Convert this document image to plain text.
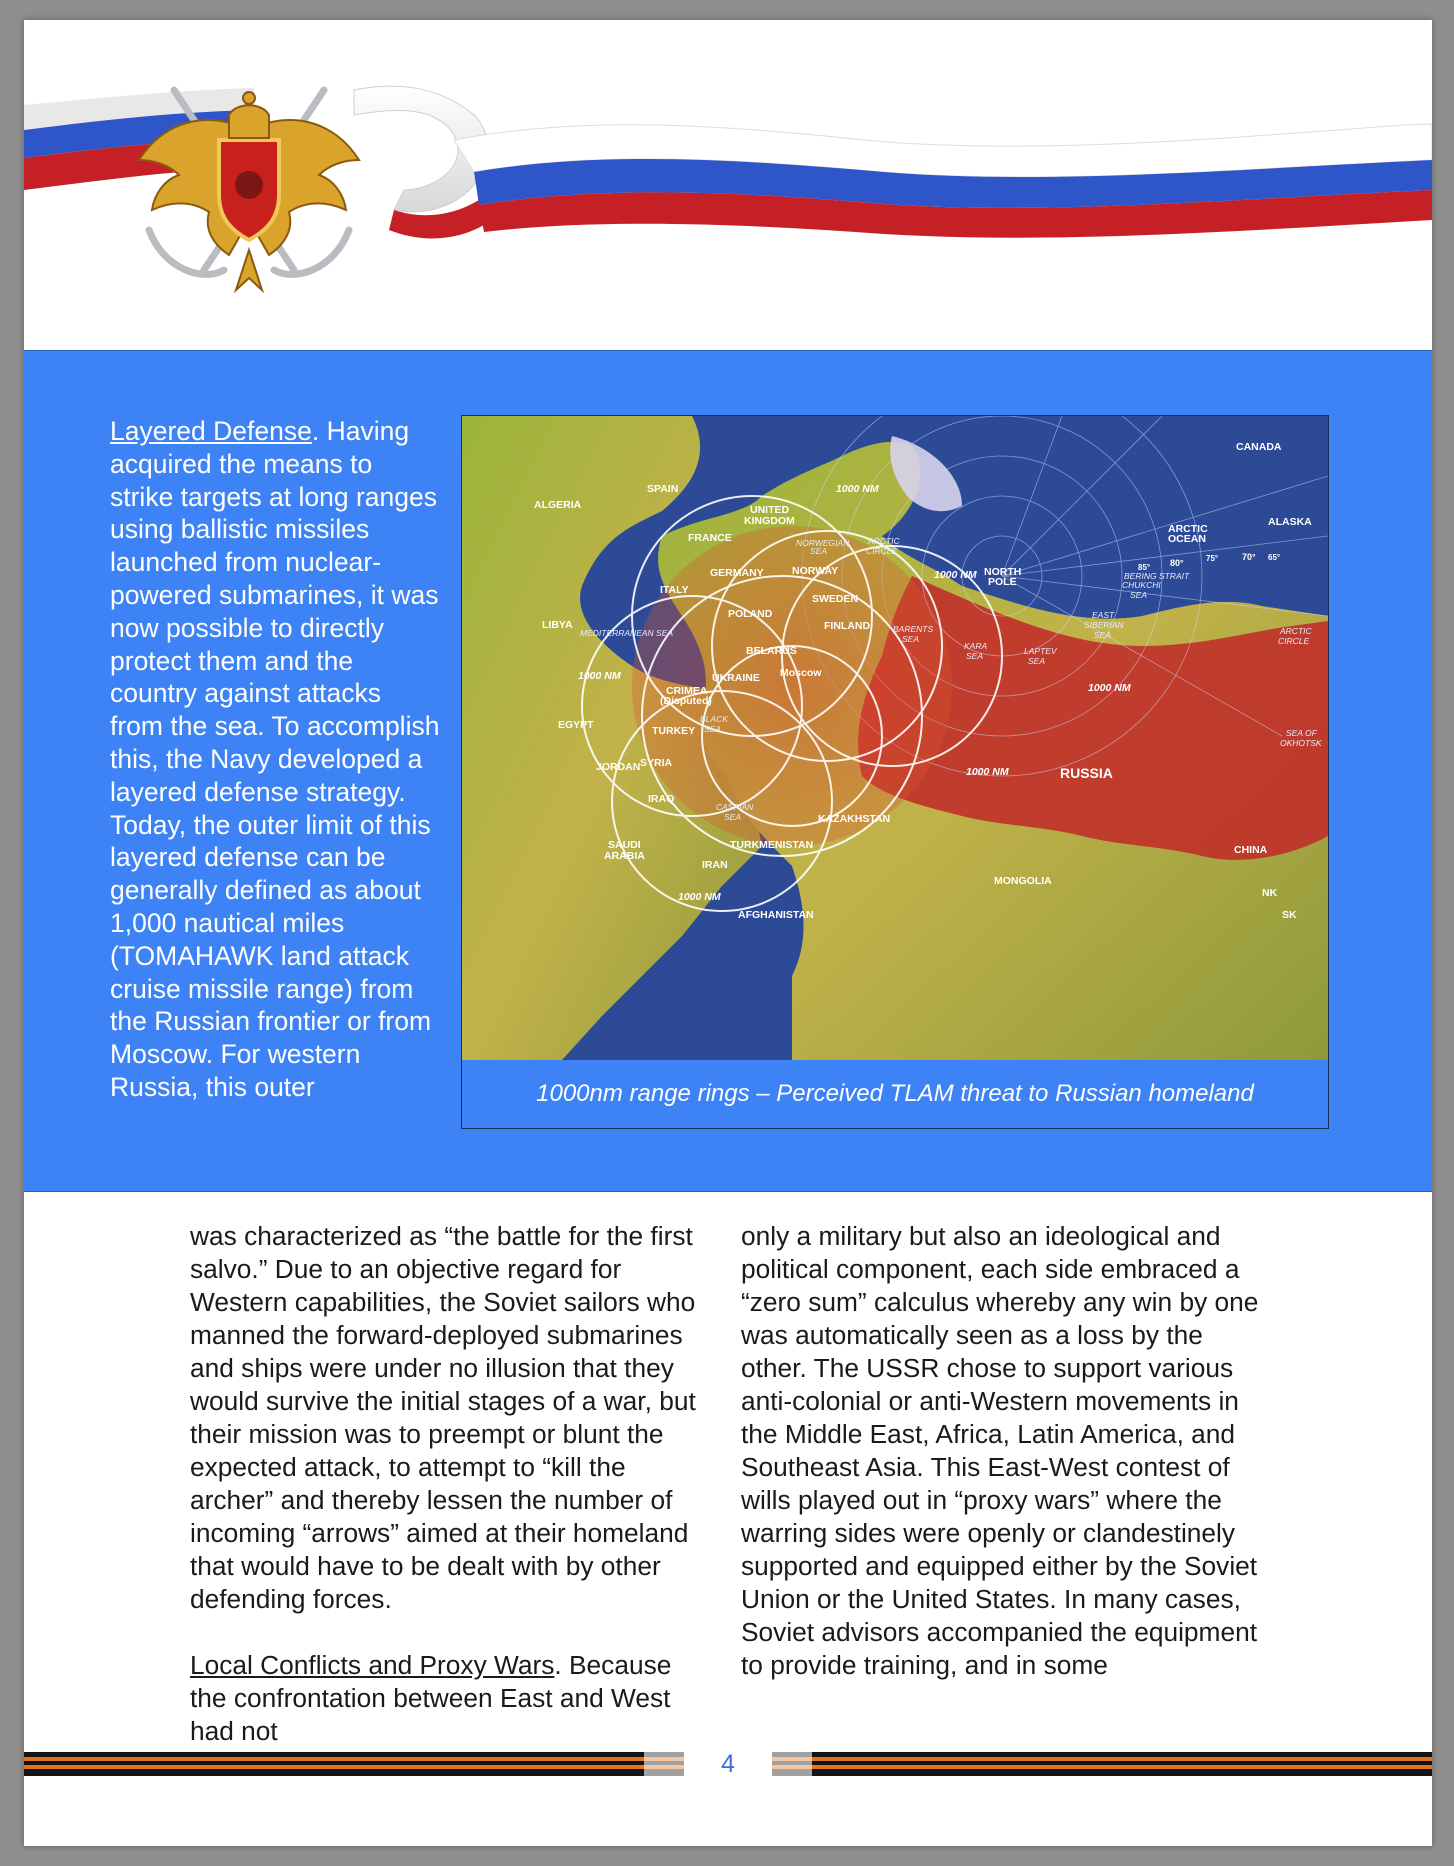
Layered Defense. Having acquired the means to strike targets at long ranges using ballistic missiles launched from nuclear-powered submarines, it was now possible to directly protect them and the country against attacks from the sea. To accomplish this, the Navy developed a layered defense strategy. Today, the outer limit of this layered defense can be generally defined as about 1,000 nautical miles (TOMAHAWK land attack cruise missile range) from the Russian frontier or from Moscow. For western Russia, this outer
ALGERIA
SPAIN
UNITED
KINGDOM
FRANCE
ITALY
GERMANY	NORWAY
SWEDEN
FINLAND
POLAND
BELARUS
UKRAINE Moscow
CRIMEA
(Disputed)
TURKEY
SYRIA
IRAQ
IRAN
JORDAN
EGYPT
LIBYA
SAUDI
ARABIA
TURKMENISTAN
AFGHANISTAN
KAZAKHSTAN
MONGOLIA
CHINA
CANADA
ALASKA
NORTH
POLE
ARCTIC
OCEAN
65°
70°
75°
80°
85°
RUSSIA
NK
SK
MEDITERRANEAN SEA
BLACK
SEA
CASPIAN
SEA
NORWEGIAN
SEA
BARENTS
SEA
KARA
SEA	LAPTEV
SEA
EAST
SIBERIAN
SEA
CHUKCHI
SEA
BERING STRAIT
SEA OF
OKHOTSK
ARCTIC
CIRCLE
ARCTIC
CIRCLE
1000 NM
1000 NM
1000 NM
1000 NM
1000 NM
1000 NM
1000nm range rings – Perceived TLAM threat to Russian homeland

was characterized as “the battle for the first salvo.” Due to an objective regard for Western capabilities, the Soviet sailors who manned the forward-deployed submarines and ships were under no illusion that they would survive the initial stages of a war, but their mission was to preempt or blunt the expected attack, to attempt to “kill the archer” and thereby lessen the number of incoming “arrows” aimed at their homeland that would have to be dealt with by other defending forces.

Local Conflicts and Proxy Wars. Because the confrontation between East and West had not

only a military but also an ideological and political component, each side embraced a “zero sum” calculus whereby any win by one was automatically seen as a loss by the other. The USSR chose to support various anti-colonial or anti-Western movements in the Middle East, Africa, Latin America, and Southeast Asia. This East-West contest of wills played out in “proxy wars” where the warring sides were openly or clandestinely supported and equipped either by the Soviet Union or the United States. In many cases, Soviet advisors accompanied the equipment to provide training, and in some

4
